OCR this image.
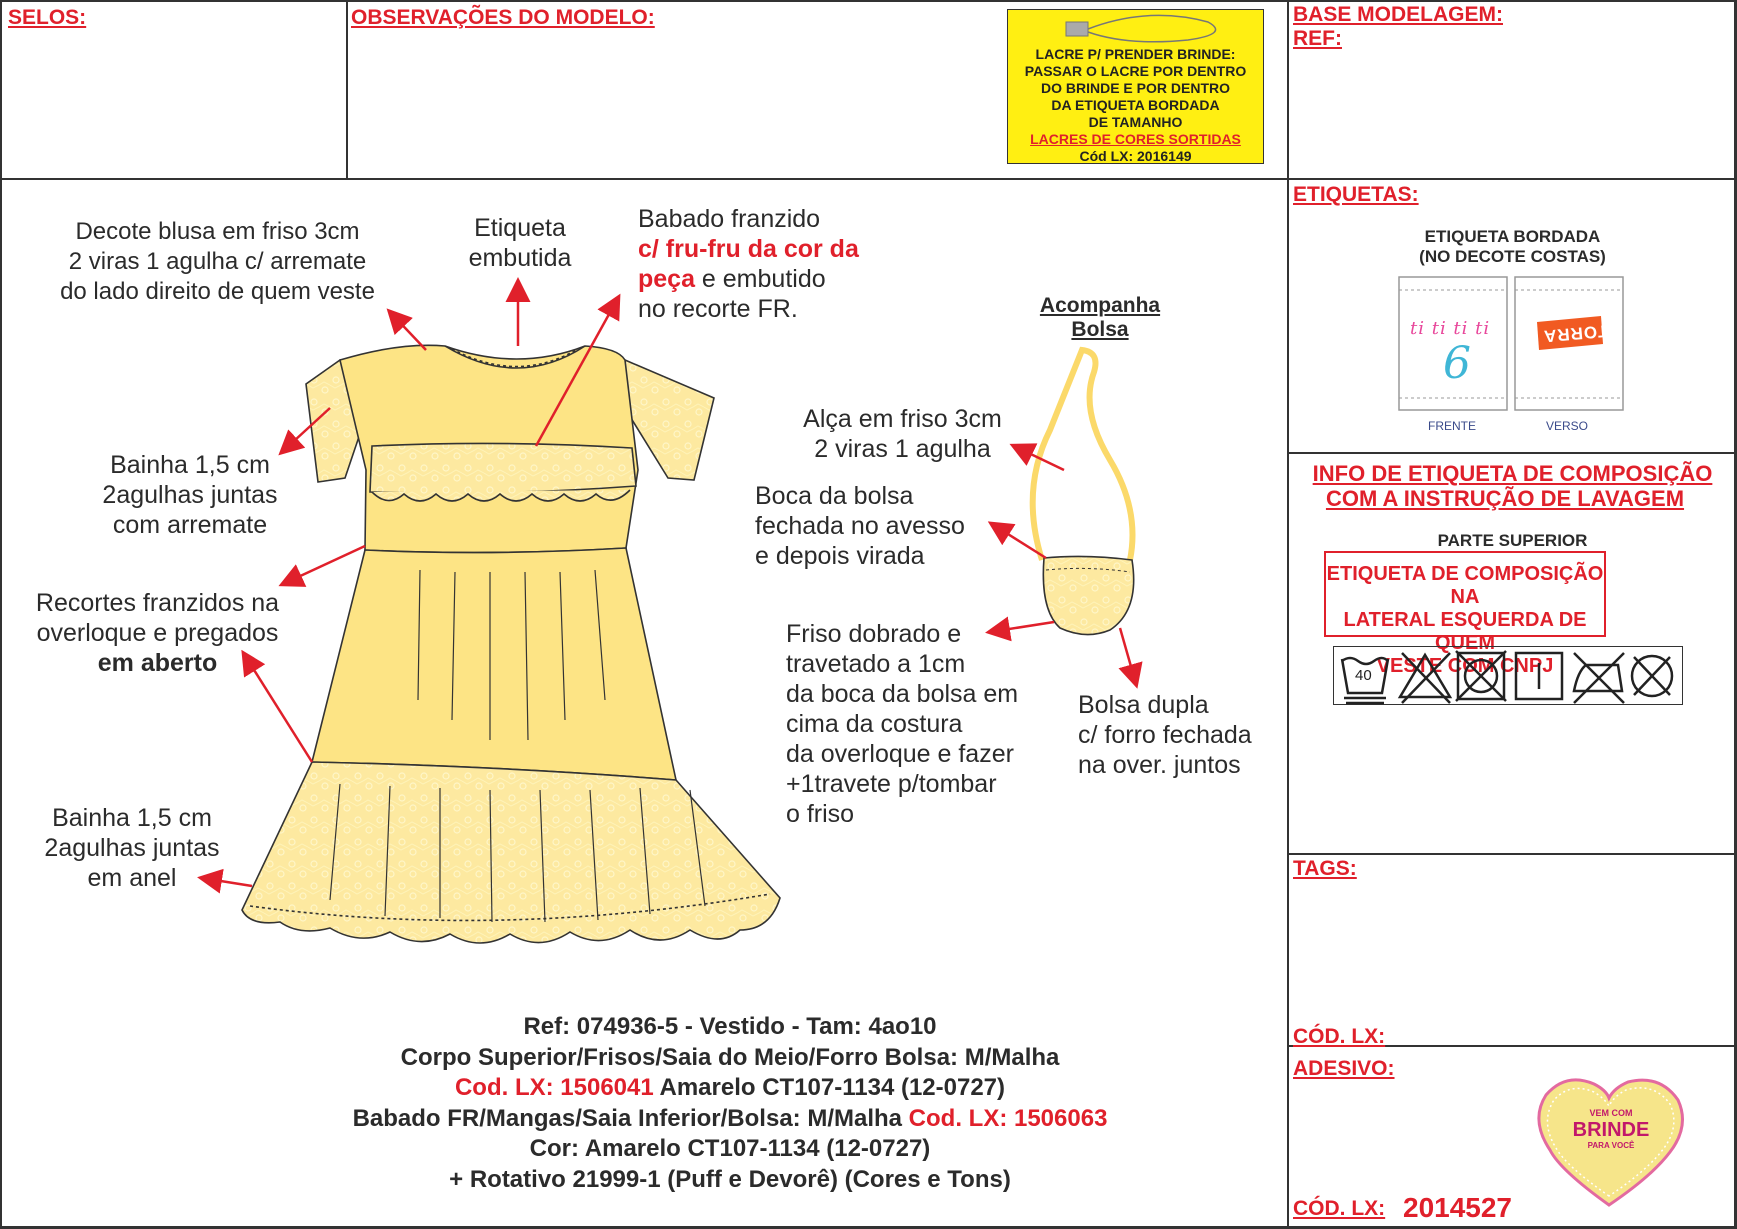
SELOS:	OBSERVAÇÕES DO MODELO:	BASE MODELAGEM:
REF:
ETIQUETAS:
INFO DE ETIQUETA DE COMPOSIÇÃO
COM A INSTRUÇÃO DE LAVAGEM
TAGS:
CÓD. LX:
ADESIVO:
CÓD. LX: 2014527
LACRE P/ PRENDER BRINDE:
PASSAR O LACRE POR DENTRO
DO BRINDE E POR DENTRO
DA ETIQUETA BORDADA
DE TAMANHO
LACRES DE CORES SORTIDAS
Cód LX: 2016149
ETIQUETA BORDADA
(NO DECOTE COSTAS)
ti ti ti ti
6
TORRA
FRENTE	VERSO
PARTE SUPERIOR
ETIQUETA DE COMPOSIÇÃO NA
LATERAL ESQUERDA DE QUEM
VESTE COM CNPJ
40
Decote blusa em friso 3cm
2 viras 1 agulha c/ arremate
do lado direito de quem veste
Etiqueta
embutida
Babado franzido
c/ fru-fru da cor da
peça e embutido
no recorte FR.
Bainha 1,5 cm
2agulhas juntas
com arremate
Recortes franzidos na
overloque e pregados
em aberto
Bainha 1,5 cm
2agulhas juntas
em anel
Acompanha
Bolsa
Alça em friso 3cm
2 viras 1 agulha
Boca da bolsa
fechada no avesso
e depois virada
Friso dobrado e
travetado a 1cm
da boca da bolsa em
cima da costura
da overloque e fazer
+1travete p/tombar
o friso
Bolsa dupla
c/ forro fechada
na over. juntos
Ref: 074936-5 - Vestido - Tam: 4ao10
Corpo Superior/Frisos/Saia do Meio/Forro Bolsa: M/Malha
Cod. LX: 1506041 Amarelo CT107-1134 (12-0727)
Babado FR/Mangas/Saia Inferior/Bolsa: M/Malha Cod. LX: 1506063
Cor: Amarelo CT107-1134 (12-0727)
+ Rotativo 21999-1 (Puff e Devorê) (Cores e Tons)
VEM COM
BRINDE
PARA VOCÊ
